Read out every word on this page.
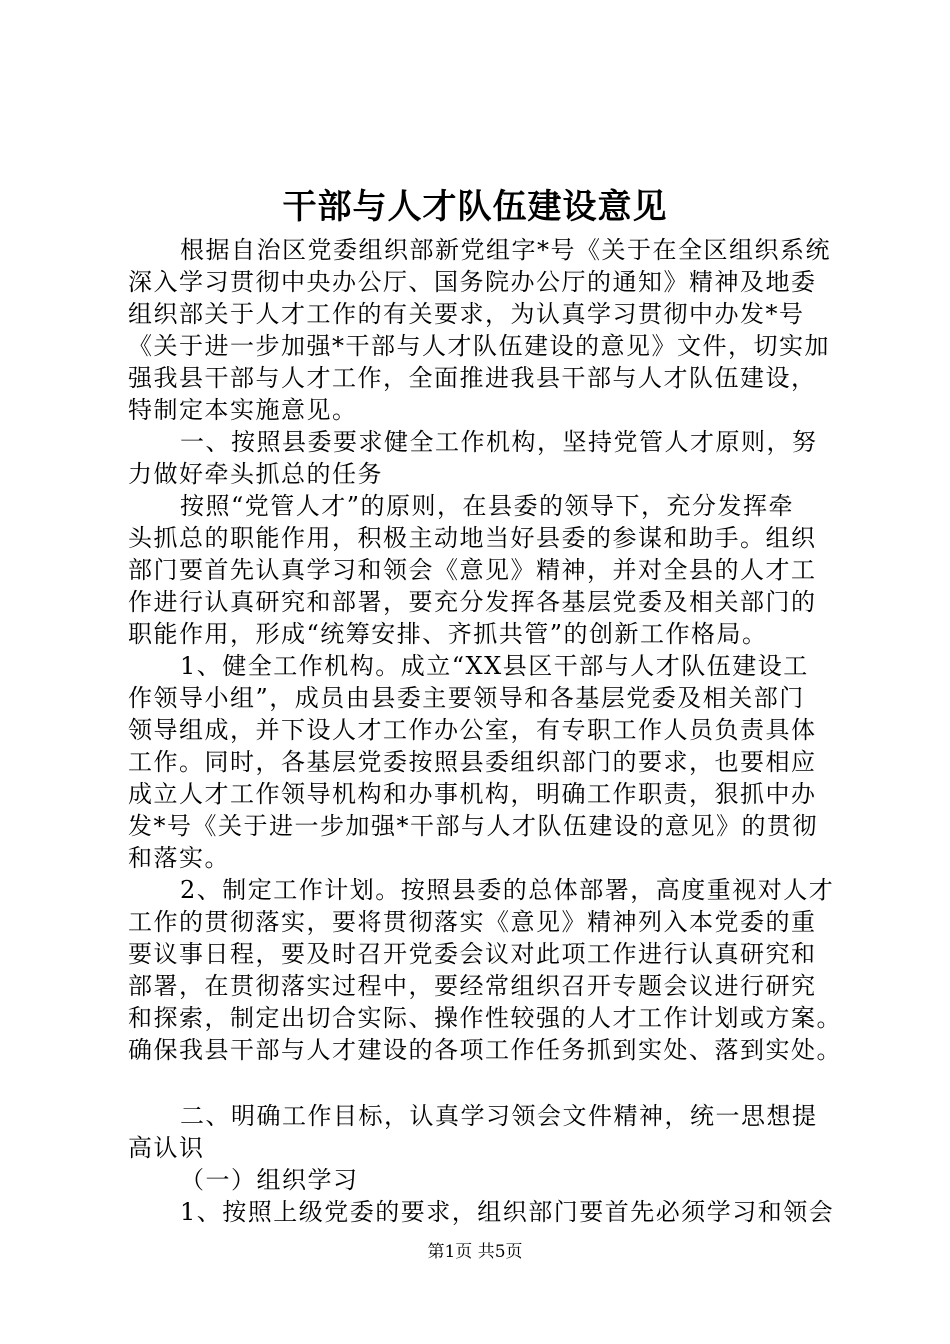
干部与人才队伍建设意见
根据自治区党委组织部新党组字*号《关于在全区组织系统
深入学习贯彻中央办公厅、国务院办公厅的通知》精神及地委
组织部关于人才工作的有关要求，为认真学习贯彻中办发*号
《关于进一步加强*干部与人才队伍建设的意见》文件，切实加
强我县干部与人才工作，全面推进我县干部与人才队伍建设，
特制定本实施意见。
一、按照县委要求健全工作机构，坚持党管人才原则，努
力做好牵头抓总的任务
按照“党管人才”的原则，在县委的领导下，充分发挥牵
头抓总的职能作用，积极主动地当好县委的参谋和助手。组织
部门要首先认真学习和领会《意见》精神，并对全县的人才工
作进行认真研究和部署，要充分发挥各基层党委及相关部门的
职能作用，形成“统筹安排、齐抓共管”的创新工作格局。
1、健全工作机构。成立“XX县区干部与人才队伍建设工
作领导小组”，成员由县委主要领导和各基层党委及相关部门
领导组成，并下设人才工作办公室，有专职工作人员负责具体
工作。同时，各基层党委按照县委组织部门的要求，也要相应
成立人才工作领导机构和办事机构，明确工作职责，狠抓中办
发*号《关于进一步加强*干部与人才队伍建设的意见》的贯彻
和落实。
2、制定工作计划。按照县委的总体部署，高度重视对人才
工作的贯彻落实，要将贯彻落实《意见》精神列入本党委的重
要议事日程，要及时召开党委会议对此项工作进行认真研究和
部署，在贯彻落实过程中，要经常组织召开专题会议进行研究
和探索，制定出切合实际、操作性较强的人才工作计划或方案。
确保我县干部与人才建设的各项工作任务抓到实处、落到实处。
二、明确工作目标，认真学习领会文件精神，统一思想提
高认识
（一）组织学习
1、按照上级党委的要求，组织部门要首先必须学习和领会
第1页 共5页
